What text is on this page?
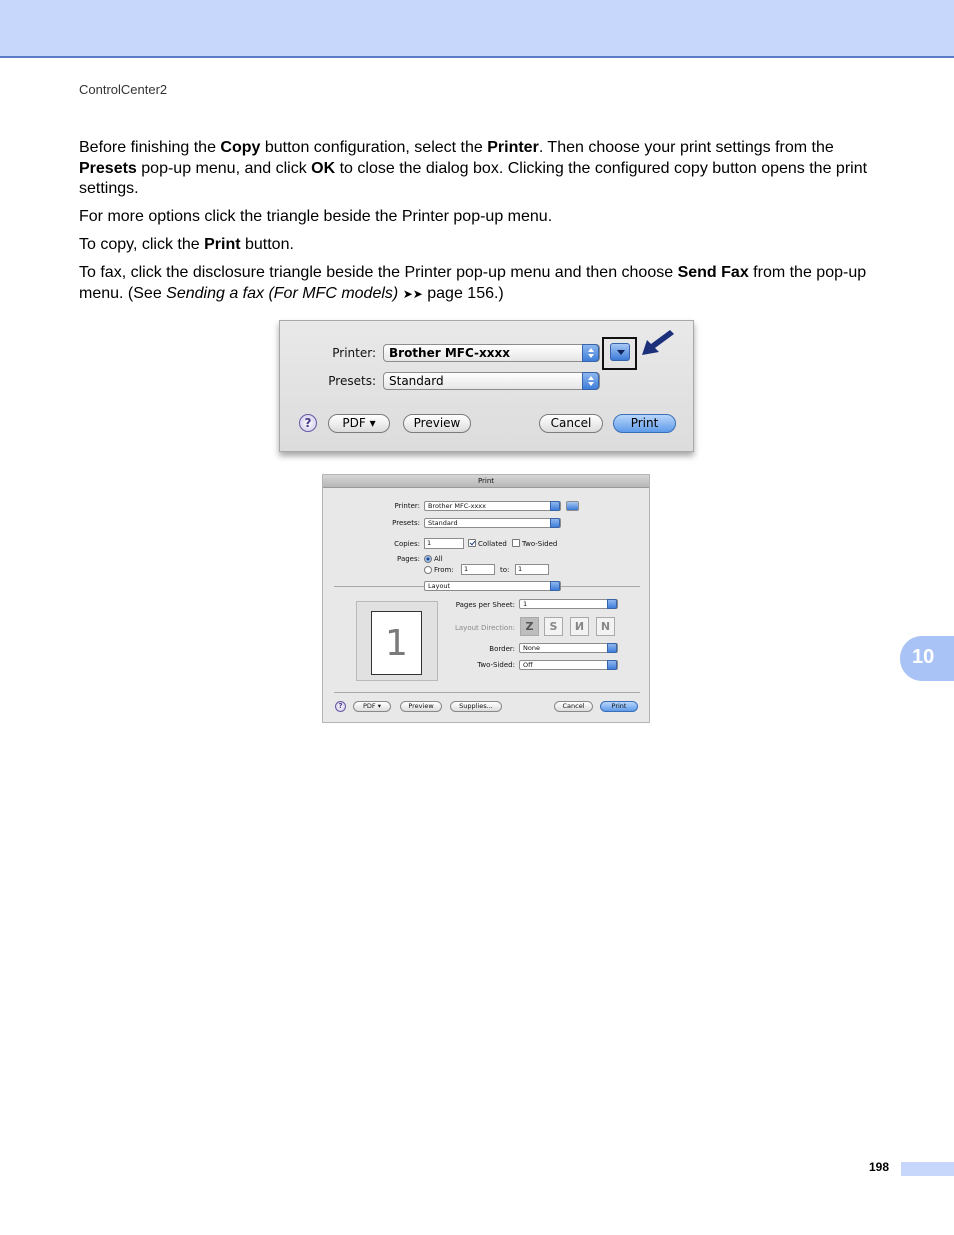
ControlCenter2

Before finishing the Copy button configuration, select the Printer. Then choose your print settings from the Presets pop-up menu, and click OK to close the dialog box. Clicking the configured copy button opens the print settings.

For more options click the triangle beside the Printer pop-up menu.

To copy, click the Print button.

To fax, click the disclosure triangle beside the Printer pop-up menu and then choose Send Fax from the pop-up menu. (See Sending a fax (For MFC models) ➤➤ page 156.)

Printer:	Brother MFC-xxxx
Presets:	Standard
?	PDF ▾	Preview	Cancel	Print
Print
Printer:	Brother MFC-xxxx
Presets:	Standard
Copies:	1	Collated Two-Sided
Pages: All
From:	1	to:	1
Layout
1
Pages per Sheet:	1
Layout Direction: Z	S	И	N
Border:	None
Two-Sided:	Off
?	PDF ▾	Preview	Supplies...	Cancel	Print
10
198
